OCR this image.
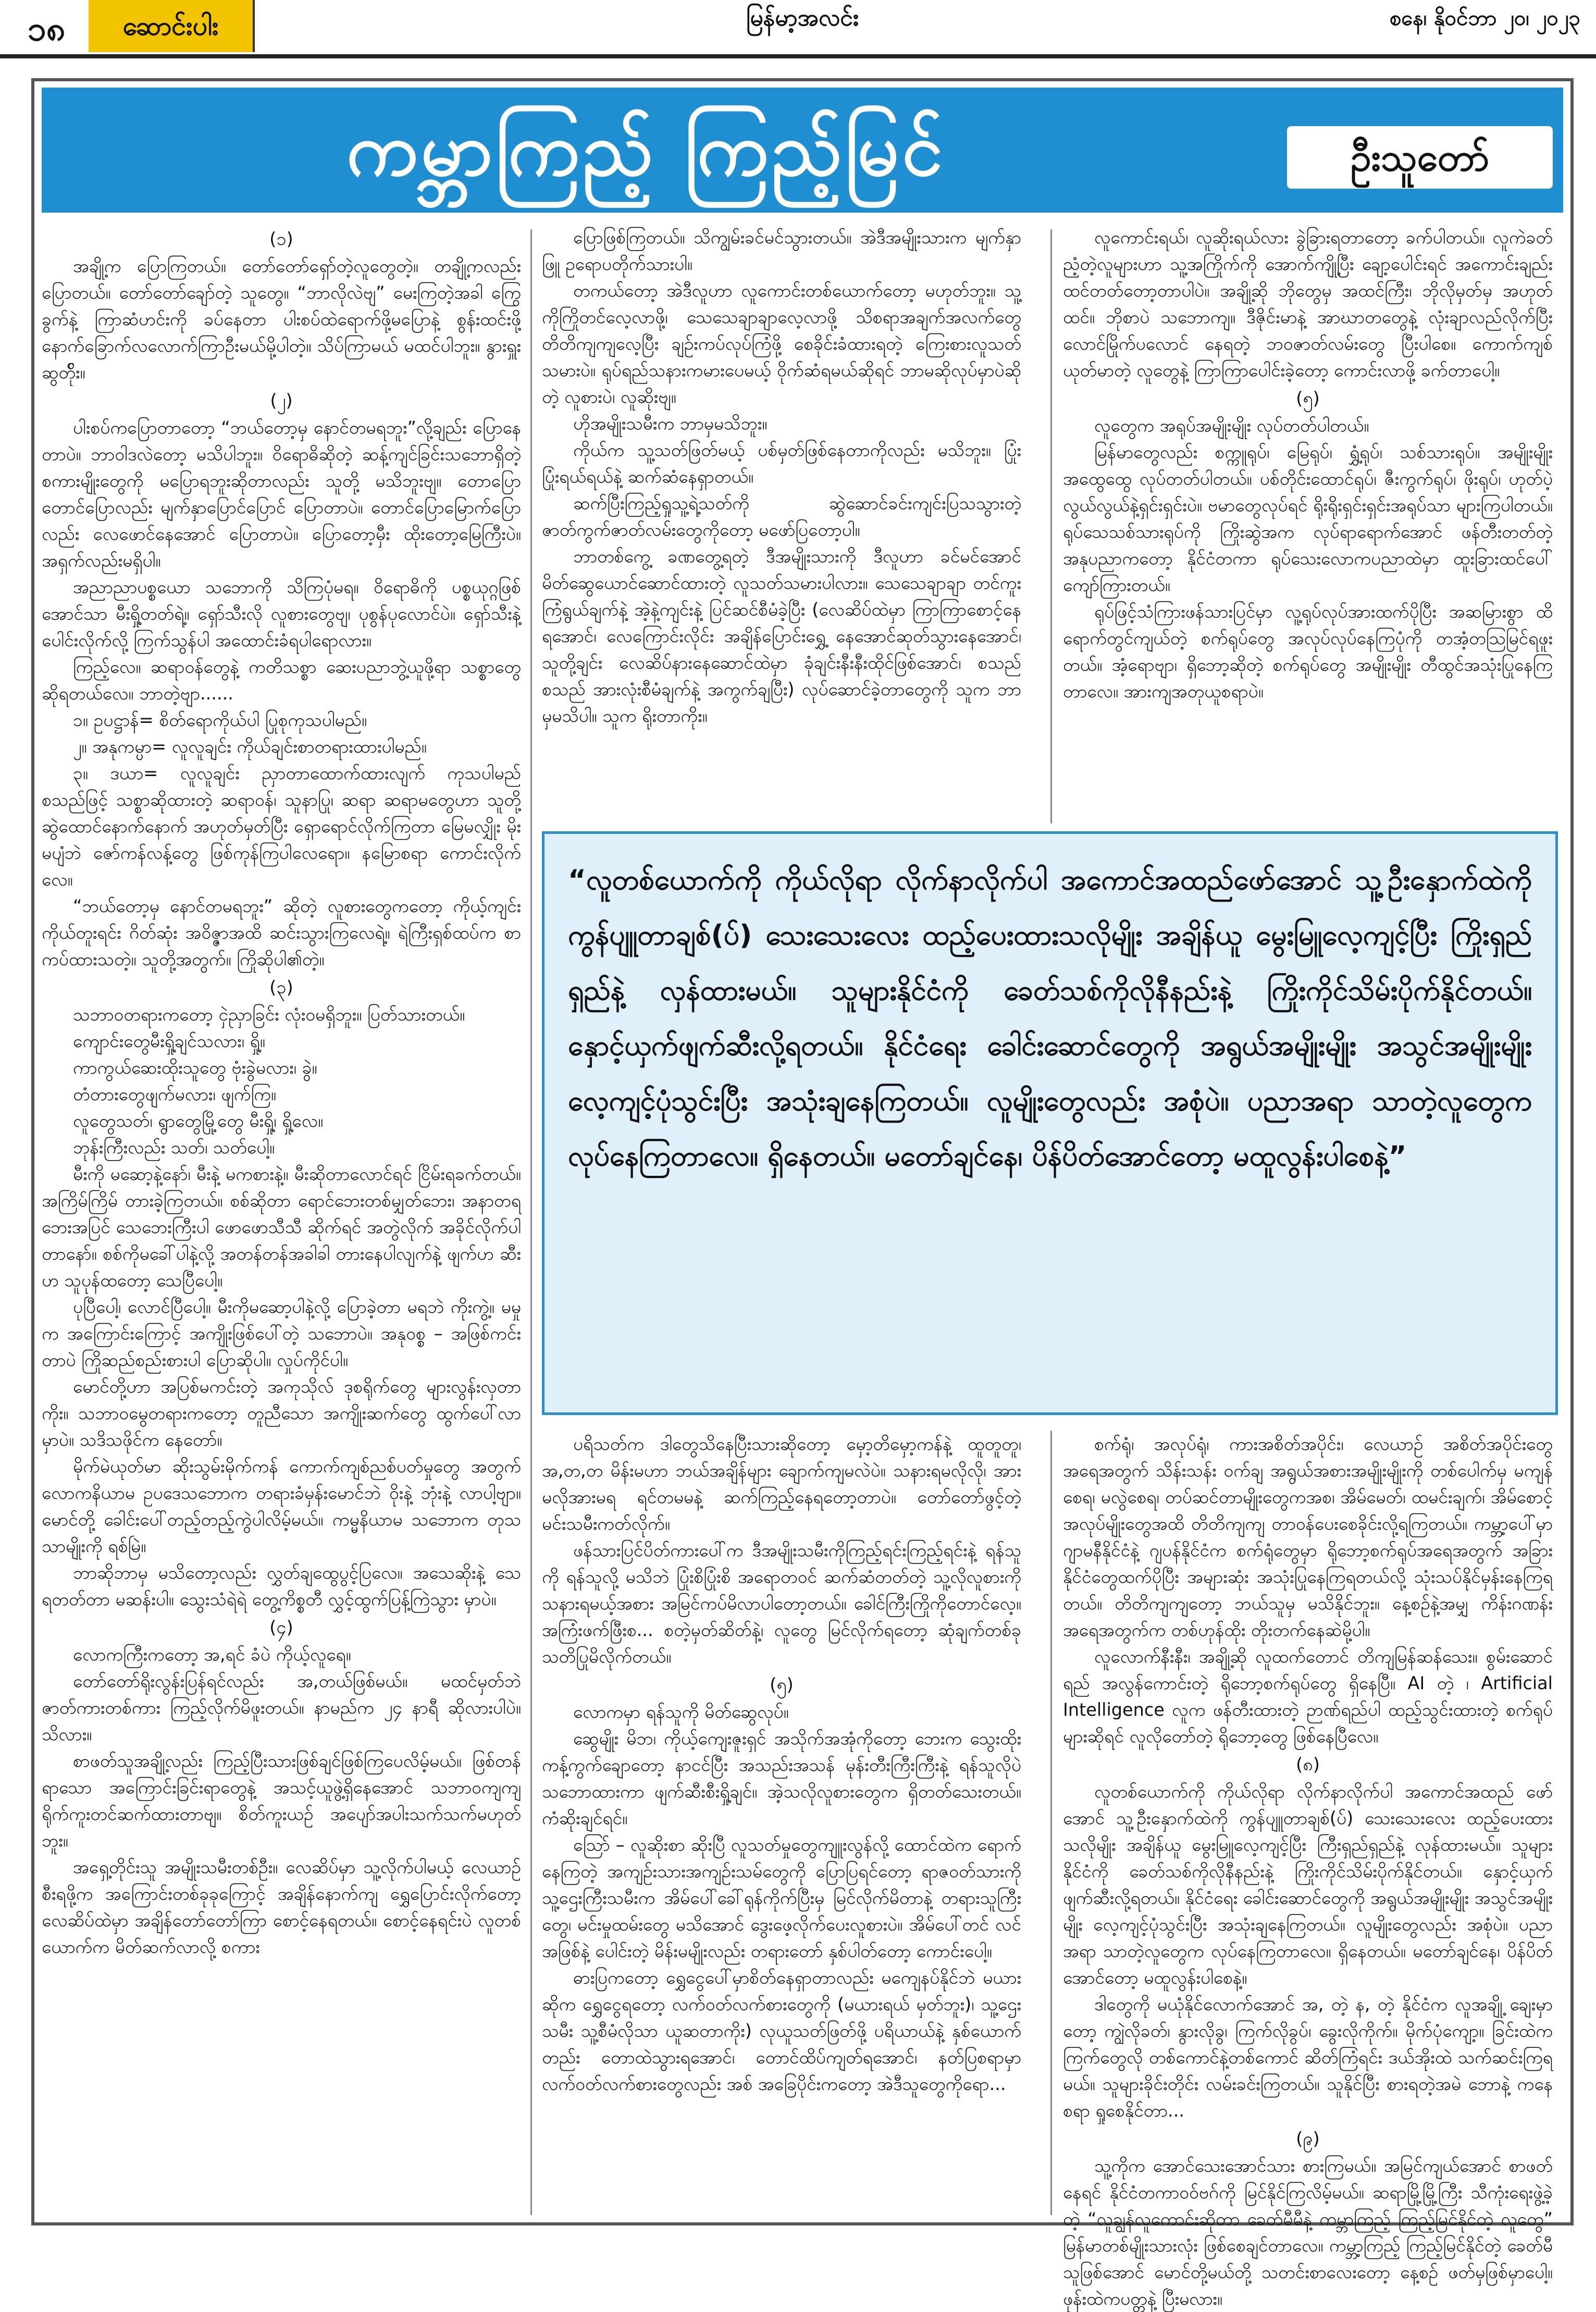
၁၈	ဆောင်းပါး	မြန်မာ့အလင်း	စနေ၊ နိုဝင်ဘာ ၂၀၊ ၂၀၂၃
ကမ္ဘာကြည့် ကြည့်မြင်	ဦးသူတော်

(၁)

အချို့က ပြောကြတယ်။ တော်တော်ရှော်တဲ့လူတွေတဲ့။ တချို့ကလည်း ပြောတယ်။ တော်တော်ချော်တဲ့ သူတွေ။ “ဘာလိုလဲဗျ” မေးကြတဲ့အခါ ကြွေခွက်နဲ့ ကြာဆံဟင်းကို ခပ်နေတာ ပါးစပ်ထဲရောက်ဖို့မပြောနဲ့ စွန်းထင်းဖို့ နောက်ခြောက်လလောက်ကြာဦးမယ်မို့ပါတဲ့။ သိပ်ကြာမယ် မထင်ပါဘူး။ နွားရှူးဆွတ်ိုး။

(၂)

ပါးစပ်ကပြောတာတော့ “ဘယ်တော့မှ နောင်တမရဘူး”လို့ချည်း ပြောနေတာပဲ။ ဘာဝါဒလဲတော့ မသိပါဘူး။ ဝိရောဓိဆိုတဲ့ ဆန့်ကျင်ခြင်းသဘောရှိတဲ့ စကားမျိုးတွေကို မပြောရဘူးဆိုတာလည်း သူတို့ မသိဘူးဗျ။ တောပြောတောင်ပြောလည်း မျက်နှာပြောင်ပြောင် ပြောတာပဲ။ တောင်ပြောမြောက်ပြောလည်း လေဖောင်နေအောင် ပြောတာပဲ။ ပြောတော့မှီး ထိုးတော့မြေကြီးပဲ။ အရှက်လည်းမရှိပါ။

အညာညာပစ္စယော သဘောကို သိကြပုံမရ။ ဝိရောဓိကို ပစ္စယုဂ္ဂဖြစ်အောင်သာ မီးရှို့တတ်ရဲ့။ ရှော်သီးလို လူစားတွေဗျ၊ ပုစွန်ပုလောင်ပဲ။ ရှော်သီးနဲ့ ပေါင်းလိုက်လို့ ကြက်သွန်ပါ အထောင်းခံရပါရောလား။

ကြည့်လေ။ ဆရာဝန်တွေနဲ့ ကတိသစ္စာ ဆေးပညာဘွဲ့ယူဖို့ရာ သစ္စာတွေဆိုရတယ်လေ။ ဘာတဲ့ဗျာ......

၁။ ဥပဋ္ဌာန်= စိတ်ရောကိုယ်ပါ ပြုစုကုသပါမည်။

၂။ အနုကမ္ပာ= လူလူချင်း ကိုယ်ချင်းစာတရားထားပါမည်။

၃။ ဒယာ= လူလူချင်း ညှာတာထောက်ထားလျက် ကုသပါမည် စသည်ဖြင့် သစ္စာဆိုထားတဲ့ ဆရာဝန်၊ သူနာပြု၊ ဆရာ ဆရာမတွေဟာ သူတို့ဆွဲထောင်နောက်နောက် အဟုတ်မှတ်ပြီး ရှောရောင်လိုက်ကြတာ မြေမလျှိုး မိုးမပျံဘဲ ဇော်ကန်လန့်တွေ ဖြစ်ကုန်ကြပါလေရော။ နမြောစရာ ကောင်းလိုက်လေ။

“ဘယ်တော့မှ နောင်တမရဘူး” ဆိုတဲ့ လူစားတွေကတော့ ကိုယ့်ကျင်းကိုယ်တူးရင်း ဂိတ်ဆုံး အဝိဇ္ဇာအထိ ဆင်းသွားကြလေရဲ့။ ရဲကြီးရှစ်ထပ်က စာကပ်ထားသတဲ့။ သူတို့အတွက်။ ကြိုဆိုပါ၏တဲ့။

(၃)

သဘာဝတရားကတော့ ငှဲညှာခြင်း လုံးဝမရှိဘူး။ ပြတ်သားတယ်။

ကျောင်းတွေမီးရှို့ချင်သလား၊ ရှို့။

ကာကွယ်ဆေးထိုးသူတွေ ဗုံးခွဲမလား၊ ခွဲ။

တံတားတွေဖျက်မလား၊ ဖျက်ကြ။

လူတွေသတ်၊ ရွာတွေမြို့တွေ မီးရှို့၊ ရှို့လေ။

ဘုန်းကြီးလည်း သတ်၊ သတ်ပေါ့။

မီးကို မဆော့နဲ့နော်၊ မီးနဲ့ မကစားနဲ့။ မီးဆိုတာလောင်ရင် ငြိမ်းရခက်တယ်။ အကြိမ်ကြိမ် တားခဲ့ကြတယ်။ စစ်ဆိုတာ ရောင်ဘေးတစ်မျှတ်ဘေး၊ အနာတရဘေးအပြင် သေဘေးကြီးပါ ဖောဖောသီသီ ဆိုက်ရင် အတွဲလိုက် အခိုင်လိုက်ပါတာနော်။ စစ်ကိုမခေါ်ပါနဲ့လို့ အတန်တန်အခါခါ တားနေပါလျက်နဲ့ ဖျက်ဟ ဆီးဟ သူပုန်ထတော့ သေပြီပေါ့။

ပုပြီပေါ့၊ လောင်ပြီပေါ့။ မီးကိုမဆော့ပါနဲ့လို့ ပြောခဲ့တာ မရဘဲ ကိုးကွဲ့။ မမှုက အကြောင်းကြောင့် အကျိုးဖြစ်ပေါ်တဲ့ သဘောပဲ။ အနုဝစ္စ – အဖြစ်ကင်းတာပဲ ကြိုဆည်စည်းစားပါ ပြောဆိုပါ။ လှုပ်ကိုင်ပါ။

မောင်တို့ဟာ အပြစ်မကင်းတဲ့ အကုသိုလ် ဒုစရိုက်တွေ များလွန်းလှတာကိုး။ သဘာဝမွေတရားကတော့ တူညီသော အကျိုးဆက်တွေ ထွက်ပေါ်လာမှာပဲ။ သဒိသဖိုင်က နေတော်။

မိုက်မဲယုတ်မာ ဆိုးသွမ်းမိုက်ကန် ကောက်ကျစ်ညစ်ပတ်မှုတွေ အတွက် လောကနိယာမ ဥပဒေသဘောက တရားခံမှန်းမောင်ဘဲ ဝိုးနဲ့ ဘုံးနဲ့ လာပါ့ဗျာ။ မောင်တို့ ခေါင်းပေါ်တည့်တည့်ကွဲပါလိမ့်မယ်။ ကမ္မနိယာမ သဘောက တုသသာမျိုးကို ရစ်မြဲ။

ဘာဆိုဘာမှ မသိတော့လည်း လွှတ်ချထွေပွင့်ပြလေ။ အသေဆိုးနဲ့ သေရတတ်တာ မဆန်းပါ။ သွေးသံရဲရဲ တွေ့ကိစ္စတီ လွှင့်ထွက်ပြန့်ကြဲသွား မှာပဲ။

(၄)

လောကကြီးကတော့ အ,ရင် ခံပဲ ကိုယ့်လူရေ။

တော်တော်ရိုးလွန်းပြန်ရင်လည်း အ,တယ်ဖြစ်မယ်။ မထင်မှတ်ဘဲ ဇာတ်ကားတစ်ကား ကြည့်လိုက်မိဖူးတယ်။ နာမည်က ၂၄ နာရီ ဆိုလားပါပဲ။ သိလား။

စာဖတ်သူအချို့လည်း ကြည့်ပြီးသားဖြစ်ချင်ဖြစ်ကြပေလိမ့်မယ်။ ဖြစ်တန်ရာသော အကြောင်းခြင်းရာတွေနဲ့ အသင့်ယူဖွဲ့ရှိနေအောင် သဘာဝကျကျ ရိုက်ကူးတင်ဆက်ထားတာဗျ။ စိတ်ကူးယဉ် အပျော်အပါးသက်သက်မဟုတ်ဘူး။

အရှေ့တိုင်းသူ အမျိုးသမီးတစ်ဦး။ လေဆိပ်မှာ သူ့လိုက်ပါမယ့် လေယာဉ်စီးရဖို့က အကြောင်းတစ်ခုခုကြောင့် အချိန်နောက်ကျ ရွှေပြောင်းလိုက်တော့ လေဆိပ်ထဲမှာ အချိန်တော်တော်ကြာ စောင့်နေရတယ်။ စောင့်နေရင်းပဲ လူတစ်ယောက်က မိတ်ဆက်လာလို့ စကား

ပြောဖြစ်ကြတယ်။ သိကျွမ်းခင်မင်သွားတယ်။ အဲဒီအမျိုးသားက မျက်နှာဖြူ ဥရောပတိုက်သားပါ။

တကယ်တော့ အဲဒီလူဟာ လူကောင်းတစ်ယောက်တော့ မဟုတ်ဘူး။ သူ့ကိုကြိုတင်လေ့လာဖို့၊ သေသေချာချာလေ့လာဖို့ သိစရာအချက်အလက်တွေ တိတိကျကျလေ့ပြီး ချဉ်းကပ်လုပ်ကြံဖို့ စေခိုင်းခံထားရတဲ့ ကြေးစားလူသတ်သမားပဲ။ ရုပ်ရည်သနားကမားပေမယ့် ဝိုက်ဆံရမယ်ဆိုရင် ဘာမဆိုလုပ်မှာပဲဆိုတဲ့ လူစားပဲ၊ လူဆိုးဗျ။

ဟိုအမျိုးသမီးက ဘာမှမသိဘူး။

ကိုယ်က သူ့သတ်ဖြတ်မယ့် ပစ်မှတ်ဖြစ်နေတာကိုလည်း မသိဘူး။ ပြုံးပြုံးရယ်ရယ်နဲ့ ဆက်ဆံနေရှာတယ်။

ဆက်ပြီးကြည့်ရှုသူ့ရဲ့သတ်ကို ဆွဲဆောင်ခင်းကျင်းပြသသွားတဲ့ ဇာတ်ကွက်ဇာတ်လမ်းတွေကိုတော့ မဖော်ပြတော့ပါ။

ဘာတစ်ကွေ့ ခဏတွေ့ရတဲ့ ဒီအမျိုးသားကို ဒီလူဟာ ခင်မင်အောင် မိတ်ဆွေယောင်ဆောင်ထားတဲ့ လူသတ်သမားပါလား။ သေသေချာချာ တင်ကူးကြံရွယ်ချက်နဲ့ အဲ့နဲ့ကျင်းနဲ့ ပြင်ဆင်စီမံခဲ့ပြီး (လေဆိပ်ထဲမှာ ကြာကြာစောင့်နေရအောင်၊ လေကြောင်းလိုင်း အချိန်ပြောင်းရွှေ့ နေအောင်ဆုတ်သွားနေအောင်၊ သူတို့ချင်း လေဆိပ်နားနေဆောင်ထဲမှာ ခုံချင်းနီးနီးထိုင်ဖြစ်အောင်၊ စသည်စသည် အားလုံးစီမံချက်နဲ့ အကွက်ချပြီး) လုပ်ဆောင်ခဲ့တာတွေကို သူက ဘာမှမသိပါ။ သူက ရိုးတာကိုး။

လူကောင်းရယ်၊ လူဆိုးရယ်လား ခွဲခြားရတာတော့ ခက်ပါတယ်။ လူကဲခတ်ညံ့တဲ့လူများဟာ သူ့အကြိုက်ကို အောက်ကျို့ပြီး ချော့ပေါင်းရင် အကောင်းချည်း ထင်တတ်တော့တာပါပဲ။ အချို့ဆို ဘိုတွေမှ အထင်ကြီး၊ ဘိုလိုမှတ်မှ အဟုတ်ထင်။ ဘိုစာပဲ သဘောကျ။ ဒီဇိုင်းမာနဲ့ အာဃာတတွေနဲ့ လုံးချာလည်လိုက်ပြီး လောင်မြိုက်ပလောင် နေရတဲ့ ဘဝဇာတ်လမ်းတွေ ပြီးပါစေ။ ကောက်ကျစ်ယုတ်မာတဲ့ လူတွေနဲ့ ကြာကြာပေါင်းခဲ့တော့ ကောင်းလာဖို့ ခက်တာပေါ့။

(၅)

လူတွေက အရုပ်အမျိုးမျိုး လုပ်တတ်ပါတယ်။

မြန်မာတွေလည်း စက္ကူရုပ်၊ မြေရုပ်၊ ရွှံ့ရုပ်၊ သစ်သားရုပ်။ အမျိုးမျိုး အထွေထွေ လုပ်တတ်ပါတယ်။ ပစ်တိုင်းထောင်ရုပ်၊ ဇီးကွက်ရုပ်၊ ဖိုးရုပ်၊ ဟုတ်ပဲ့ လွယ်လွယ်နဲ့ရှင်းရှင်းပဲ။ ဗမာတွေလုပ်ရင် ရိုးရိုးရှင်းရှင်းအရုပ်သာ များကြပါတယ်။ ရုပ်သေသစ်သားရုပ်ကို ကြိုးဆွဲအက လုပ်ရာရောက်အောင် ဖန်တီးတတ်တဲ့ အနုပညာကတော့ နိုင်ငံတကာ ရုပ်သေးလောကပညာထဲမှာ ထူးခြားထင်ပေါ်ကျော်ကြားတယ်။

ရုပ်ဖြင့်သံကြားဖန်သားပြင်မှာ လူ့ရုပ်လုပ်အားထက်ပိုပြီး အဆမြားစွာ ထိရောက်တွင်ကျယ်တဲ့ စက်ရုပ်တွေ အလုပ်လုပ်နေကြပုံကို တအံ့တသြမြင်ရဖူးတယ်။ အံ့ရောဗျာ၊ ရှိဘော့ဆိုတဲ့ စက်ရုပ်တွေ အမျိုးမျိုး တီထွင်အသုံးပြုနေကြတာလေ။ အားကျအတုယူစရာပဲ။

“လူတစ်ယောက်ကို ကိုယ်လိုရာ လိုက်နာလိုက်ပါ အကောင်အထည်ဖော်အောင် သူ့ဦးနှောက်ထဲကို ကွန်ပျူတာချစ်(ပ်) သေးသေးလေး ထည့်ပေးထားသလိုမျိုး အချိန်ယူ မွေးမြူလေ့ကျင့်ပြီး ကြိုးရှည်ရှည်နဲ့ လှန်ထားမယ်။ သူများနိုင်ငံကို ခေတ်သစ်ကိုလိုနီနည်းနဲ့ ကြိုးကိုင်သိမ်းပိုက်နိုင်တယ်။ နှောင့်ယှက်ဖျက်ဆီးလို့ရတယ်။ နိုင်ငံရေး ခေါင်းဆောင်တွေကို အရွယ်အမျိုးမျိုး အသွင်အမျိုးမျိုး လေ့ကျင့်ပုံသွင်းပြီး အသုံးချနေကြတယ်။ လူမျိုးတွေလည်း အစုံပဲ။ ပညာအရာ သာတဲ့လူတွေက လုပ်နေကြတာလေ။ ရှိနေတယ်။ မတော်ချင်နေ၊ ပိန်ပိတ်အောင်တော့ မထူလွန်းပါစေနဲ့”

ပရိသတ်က ဒါတွေသိနေပြီးသားဆိုတော့ မှော့တိမှော့ကန်နဲ့ ထူတူတူ၊ အ,တ,တ မိန်းမဟာ ဘယ်အချိန်များ ချောက်ကျမလဲပဲ။ သနားရမလိုလို၊ အားမလိုအားမရ ရင်တမမနဲ့ ဆက်ကြည့်နေရတော့တာပဲ။ တော်တော်ဖွင့်တဲ့ မင်းသမီးကတ်လိုက်။

ဖန်သားပြင်ပိတ်ကားပေါ်က ဒီအမျိုးသမီးကိုကြည့်ရင်းကြည့်ရင်းနဲ့ ရန်သူကို ရန်သူလို့ မသိဘဲ ပြုံးစိပြုံးစိ အရောတဝင် ဆက်ဆံတတ်တဲ့ သူ့လိုလူစားကို သနားရမယ့်အစား အမြင်ကပ်မိလာပါတော့တယ်။ ခေါင်ကြီးကြိုကိုတောင်လေ့။ အကြံးဖက်ဖြီးစ... စတဲ့မှတ်ဆိတ်နဲ့၊ လူတွေ မြင်လိုက်ရတော့ ဆုံချက်တစ်ခု သတိပြုမိလိုက်တယ်။

(၅)

လောကမှာ ရန်သူကို မိတ်ဆွေလုပ်။

ဆွေမျိုး မိဘ၊ ကိုယ့်ကျေးဇူးရှင် အသိုက်အအုံကိုတော့ ဘေးက သွေးထိုးကန့်ကွက်ချောတော့ နာငင်ပြီး အသည်းအသန် မုန်းတီးကြီးကြီးနဲ့ ရန်သူလိုပဲ သဘောထားကာ ဖျက်ဆီးစီးရှို့ချင်။ အဲ့သလိုလူစားတွေက ရှိတတ်သေးတယ်။ ကံဆိုးချင်ရင်။

ဩော် – လူဆိုးစာ ဆိုးပြီ လူသတ်မှုတွေကျူးလွန်လို့ ထောင်ထဲက ရောက်နေကြတဲ့ အကျဉ်းသားအကျဉ်းသမ်တွေကို ပြောပြရင်တော့ ရာဇဝတ်သားကို သူ့ဌေးကြီးသမီးက အိမ်ပေါ်ခေါ်ရုန်ကိုက်ပြီးမှ မြင်လိုက်မိတာနဲ့ တရားသူကြီးတွေ၊ မင်းမှုထမ်းတွေ မသိအောင် ဒွေးဖေ့လိုက်ပေးလူစားပဲ။ အိမ်ပေါ်တင် လင်အဖြစ်နဲ့ ပေါင်းတဲ့ မိန်းမမျိုးလည်း တရားတော် နှစ်ပါတ်တော့ ကောင်းပေါ့။

ဓားပြကတော့ ရွှေငွေပေါ်မှာစိတ်နေရှာတာလည်း မကျေနပ်နိုင်ဘဲ မယားဆိုက ရွှေငွေရတော့ လက်ဝတ်လက်စားတွေကို (မယားရယ် မှတ်ဘူး)၊ သူ့ဌေးသမီး သူ့စီမံလိုသာ ယူဆတာကိုး) လုယူသတ်ဖြတ်ဖို့ ပရိယာယ်နဲ့ နှစ်ယောက်တည်း တောထဲသွားရအောင်၊ တောင်ထိပ်ကျတ်ရအောင်၊ နတ်ပြစရာမှာ လက်ဝတ်လက်စားတွေလည်း အစ် အခြေပိုင်းကတော့ အဲဒီသူတွေကိုရော...

စက်ရုံ၊ အလုပ်ရုံ၊ ကားအစိတ်အပိုင်း၊ လေယာဉ် အစိတ်အပိုင်းတွေ အရေအတွက် သိန်းသန်း ဝက်ချ အရွယ်အစားအမျိုးမျိုးကို တစ်ပေါက်မှ မကျန်စေရ၊ မလွဲစေရ၊ တပ်ဆင်တာမျိုးတွေကအစ၊ အိမ်မေတ်၊ ထမင်းချက်၊ အိမ်စောင့် အလုပ်မျိုးတွေအထိ တိတိကျကျ တာဝန်ပေးစေခိုင်းလို့ရကြတယ်။ ကမ္ဘာ့ပေါ်မှာ ဂျာမနီနိုင်ငံနဲ့ ဂျပန်နိုင်ငံက စက်ရုံတွေမှာ ရိုဘော့စက်ရုပ်အရေအတွက် အခြားနိုင်ငံတွေထက်ပိုပြီး အများဆုံး အသုံးပြုနေကြရတယ်လို့ သုံးသပ်နိုင်မှန်းနေကြရတယ်။ တိတိကျကျတော့ ဘယ်သူမှ မသိနိုင်ဘူး။ နေ့စဉ်နဲ့အမျှ ကိန်းဂဏန်း အရေအတွက်က တစ်ဟုန်ထိုး တိုးတက်နေဆဲမို့ပါ။

လူလောက်နီးနီး၊ အချို့ဆို လူထက်တောင် တိကျမြန်ဆန်သေး။ စွမ်းဆောင်ရည် အလွန်ကောင်းတဲ့ ရိုဘော့စက်ရုပ်တွေ ရှိနေပြီ။ AI တဲ့ ၊ Artificial Intelligence လူက ဖန်တီးထားတဲ့ ဉာဏ်ရည်ပါ ထည့်သွင်းထားတဲ့ စက်ရုပ်များဆိုရင် လူလိုတော်တဲ့ ရိုဘော့တွေ ဖြစ်နေပြီလေ။

(၈)

လူတစ်ယောက်ကို ကိုယ်လိုရာ လိုက်နာလိုက်ပါ အကောင်အထည် ဖော်အောင် သူ့ဦးနှောက်ထဲကို ကွန်ပျူတာချစ်(ပ်) သေးသေးလေး ထည့်ပေးထားသလိုမျိုး အချိန်ယူ မွေးမြူလေ့ကျင့်ပြီး ကြီးရှည်ရှည်နဲ့ လုန်ထားမယ်။ သူများနိုင်ငံကို ခေတ်သစ်ကိုလိုနီနည်းနဲ့ ကြိုးကိုင်သိမ်းပိုက်နိုင်တယ်။ နှောင့်ယှက်ဖျက်ဆီးလို့ရတယ်။ နိုင်ငံရေး ခေါင်းဆောင်တွေကို အရွယ်အမျိုးမျိုး အသွင်အမျိုးမျိုး လေ့ကျင့်ပုံသွင်းပြီး အသုံးချနေကြတယ်။ လူမျိုးတွေလည်း အစုံပဲ။ ပညာအရာ သာတဲ့လူတွေက လုပ်နေကြတာလေ။ ရှိနေတယ်။ မတော်ချင်နေ၊ ပိန်ပိတ်အောင်တော့ မထူလွန်းပါစေနဲ့။

ဒါတွေကို မယုံနိုင်လောက်အောင် အ, တဲ့ န, တဲ့ နိုင်ငံက လူအချို့ ချေးမှာတော့ ကျွဲလိုခတ်၊ နွားလိုခွ၊ ကြက်လိုခွပ်၊ ခွေးလိုကိုက်။ မိုက်ပုံကျော့။ ခြင်းထဲကကြက်တွေလို တစ်ကောင်နဲ့တစ်ကောင် ဆိတ်ကြံရင်း ဒယ်အိုးထဲ သက်ဆင်းကြရမယ်။ သူများခိုင်းတိုင်း လမ်းခင်းကြတယ်။ သူနိုင်ပြီး စားရတဲ့အမဲ ဘောနဲ့ ကနေစရာ ရှုစေနိုင်တာ...

(၉)

သူ့ကိုက အောင်သေးအောင်သား စားကြမယ်။ အမြင်ကျယ်အောင် စာဖတ်နေရင် နိုင်ငံတကာဝဝ်ဗဂ်ကို မြင်နိုင်ကြလိမ့်မယ်။ ဆရာမြို့မြို့ကြီး သီကုံးရေးဖွဲ့ခဲ့တဲ့ “လူချွန်လူကောင်းဆိုတာ ခေတ်မီမီနဲ့ ကမ္ဘာကြည့် ကြည့်မြင်နိုင်တဲ့ လူတွေ” မြန်မာတစ်မျိုးသားလုံး ဖြစ်စေချင်တာလေ။ ကမ္ဘာ့ကြည့် ကြည့်မြင်နိုင်တဲ့ ခေတ်မီသူဖြစ်အောင် မောင်တို့မယ်တို့ သတင်းစာလေးတော့ နေ့စဉ် ဖတ်မှဖြစ်မှာပေါ့။ ဖုန်းထဲကပတ္တနဲ့ ပြီးမလား။
